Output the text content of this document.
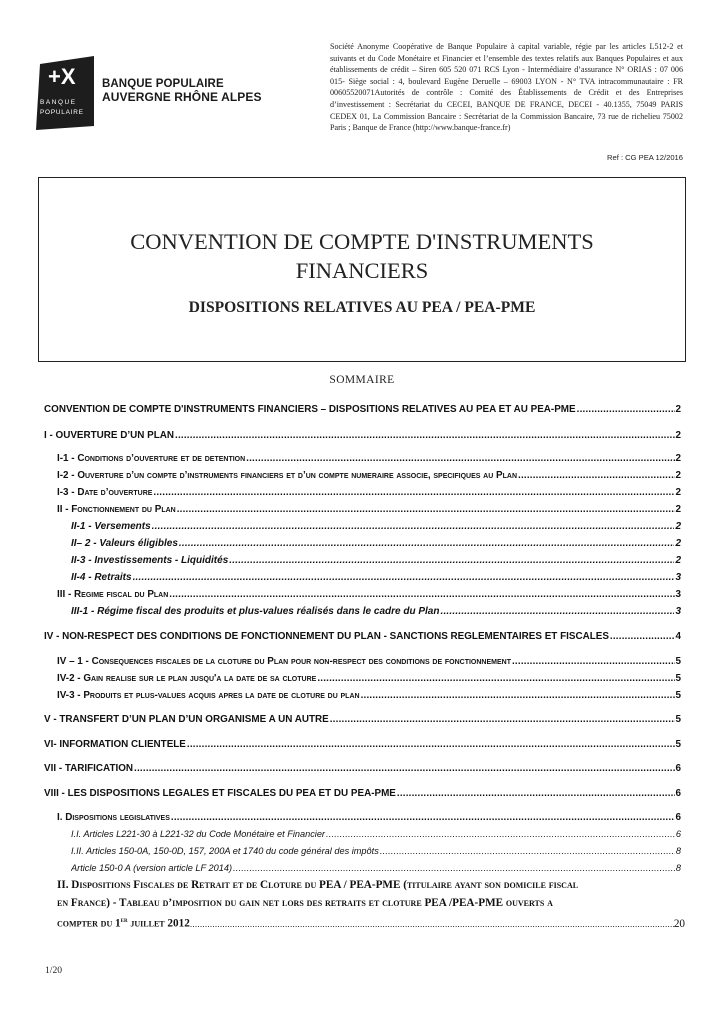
+X
BANQUE
POPULAIRE
BANQUE POPULAIRE
AUVERGNE RHÔNE ALPES
Société Anonyme Coopérative de Banque Populaire à capital variable, régie par les articles L512-2 et suivants et du Code Monétaire et Financier et l’ensemble des textes relatifs aux Banques Populaires et aux établissements de crédit – Siren 605 520 071 RCS Lyon - Intermédiaire d’assurance N° ORIAS : 07 006 015- Siège social : 4, boulevard Eugène Deruelle – 69003 LYON - N° TVA intracommunautaire : FR 00605520071Autorités de contrôle : Comité des Établissements de Crédit et des Entreprises d’investissement : Secrétariat du CECEI, BANQUE DE FRANCE, DECEI - 40.1355, 75049 PARIS CEDEX 01, La Commission Bancaire : Secrétariat de la Commission Bancaire, 73 rue de richelieu 75002 Paris ; Banque de France (http://www.banque-france.fr)
Ref : CG PEA 12/2016
CONVENTION DE COMPTE D'INSTRUMENTS
FINANCIERS
DISPOSITIONS RELATIVES AU PEA / PEA-PME
SOMMAIRE
CONVENTION DE COMPTE D'INSTRUMENTS FINANCIERS – DISPOSITIONS RELATIVES AU PEA ET AU PEA-PME .....	2
I - OUVERTURE D’UN PLAN .....	2
I-1 - Conditions d’ouverture et de detention .....	2
I-2 - Ouverture d’un compte d’instruments financiers et d’un compte numeraire associe, specifiques au Plan .....	2
I-3 - Date d’ouverture .....	2
II - Fonctionnement du Plan .....	2
II-1 - Versements .....	2
II– 2 - Valeurs éligibles .....	2
II-3 - Investissements - Liquidités .....	2
II-4 - Retraits .....	3
III - Regime fiscal du Plan .....	3
III-1 - Régime fiscal des produits et plus-values réalisés dans le cadre du Plan .....	3
IV - NON-RESPECT DES CONDITIONS DE FONCTIONNEMENT DU PLAN - SANCTIONS REGLEMENTAIRES ET FISCALES .....	4
IV – 1 - Consequences fiscales de la cloture du Plan pour non-respect des conditions de fonctionnement .....	5
IV-2 - Gain realise sur le plan jusqu'a la date de sa cloture .....	5
IV-3 - Produits et plus-values acquis apres la date de cloture du plan .....	5
V - TRANSFERT D’UN PLAN D’UN ORGANISME A UN AUTRE .....	5
VI- INFORMATION CLIENTELE .....	5
VII - TARIFICATION .....	6
VIII - LES DISPOSITIONS LEGALES ET FISCALES DU PEA ET DU PEA-PME .....	6
I. Dispositions legislatives .....	6
I.I. Articles L221-30 à L221-32 du Code Monétaire et Financier .....	6
I.II. Articles 150-0A, 150-0D, 157, 200A et 1740 du code général des impôts .....	8
Article 150-0 A (version article LF 2014) .....	8
II. Dispositions Fiscales de Retrait et de Cloture du PEA / PEA-PME (titulaire ayant son domicile fiscal
en France) - Tableau d’imposition du gain net lors des retraits et cloture PEA /PEA-PME ouverts a
compter du 1er juillet 2012 .....	20
1/20
